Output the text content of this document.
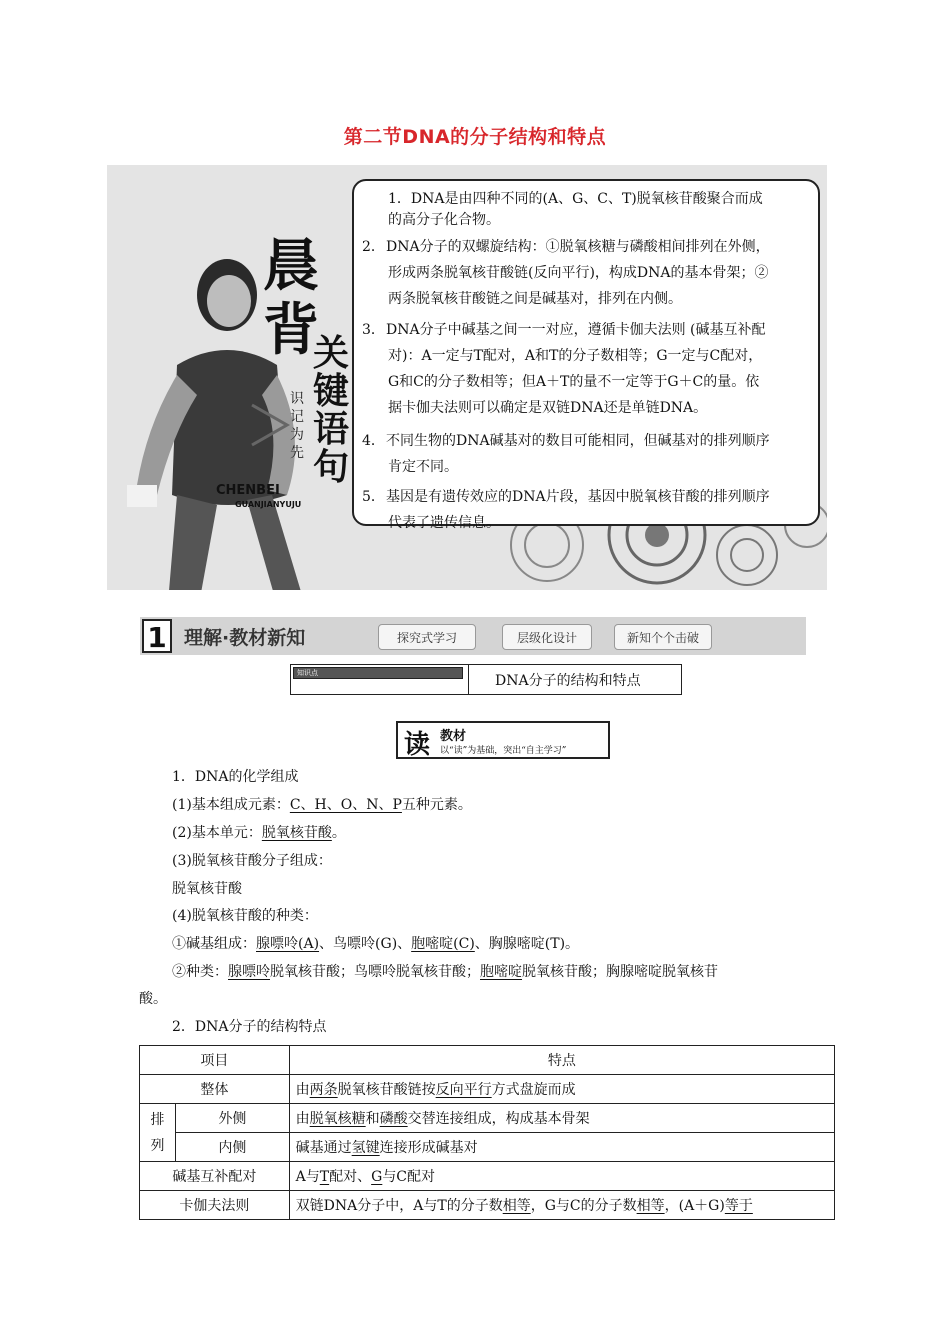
第二节DNA的分子结构和特点
晨
背
关键语句
识记为先
CHENBEI
GUANJIANYUJU
1．DNA是由四种不同的(A、G、C、T)脱氧核苷酸聚合而成
的高分子化合物。
2．DNA分子的双螺旋结构：①脱氧核糖与磷酸相间排列在外侧，
形成两条脱氧核苷酸链(反向平行)，构成DNA的基本骨架；②
两条脱氧核苷酸链之间是碱基对，排列在内侧。
3．DNA分子中碱基之间一一对应，遵循卡伽夫法则 (碱基互补配
对)：A一定与T配对，A和T的分子数相等；G一定与C配对，
G和C的分子数相等；但A＋T的量不一定等于G＋C的量。依
据卡伽夫法则可以确定是双链DNA还是单链DNA。
4．不同生物的DNA碱基对的数目可能相同，但碱基对的排列顺序
肯定不同。
5．基因是有遗传效应的DNA片段，基因中脱氧核苷酸的排列顺序
代表了遗传信息。
1 理解·教材新知	探究式学习	层级化设计	新知个个击破
知识点	DNA分子的结构和特点
读 教材
以“读”为基础，突出“自主学习”
1．DNA的化学组成
(1)基本组成元素：C、H、O、N、P五种元素。
(2)基本单元：脱氧核苷酸。
(3)脱氧核苷酸分子组成：
脱氧核苷酸
(4)脱氧核苷酸的种类：
①碱基组成：腺嘌呤(A)、鸟嘌呤(G)、胞嘧啶(C)、胸腺嘧啶(T)。
②种类：腺嘌呤脱氧核苷酸；鸟嘌呤脱氧核苷酸；胞嘧啶脱氧核苷酸；胸腺嘧啶脱氧核苷
酸。
2．DNA分子的结构特点
项目		特点
整体		由两条脱氧核苷酸链按反向平行方式盘旋而成
排列	外侧	由脱氧核糖和磷酸交替连接组成，构成基本骨架
	内侧	碱基通过氢键连接形成碱基对
碱基互补配对		A与T配对、G与C配对
卡伽夫法则		双链DNA分子中，A与T的分子数相等，G与C的分子数相等，(A＋G)等于
